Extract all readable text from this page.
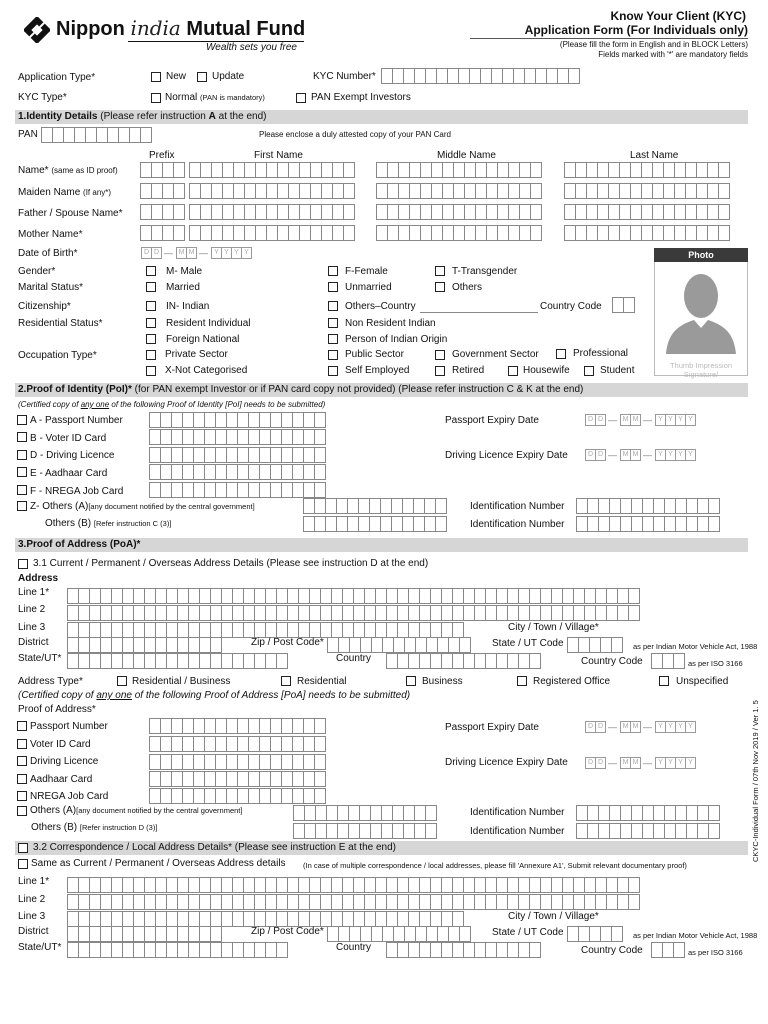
Nippon india Mutual Fund
Wealth sets you free
Know Your Client (KYC)
Application Form (For Individuals only)
(Please fill the form in English and in BLOCK Letters)
Fields marked with '*' are mandatory fields
Application Type*	New	Update	KYC Number*
KYC Type*	Normal (PAN is mandatory)	PAN Exempt Investors
1.Identity Details (Please refer instruction A at the end)
PAN	Please enclose a duly attested copy of your PAN Card
Prefix	First Name	Middle Name	Last Name
Name* (same as ID proof)
Maiden Name (If any*)
Father / Spouse Name*
Mother Name*
Date of Birth*	D D — M M — Y Y Y Y	Photo
Thumb Impression
Signature/
Gender*	M- Male	F-Female	T-Transgender
Marital Status*	Married	Unmarried	Others
Citizenship*	IN- Indian	Others–Country	Country Code
Residential Status*	Resident Individual	Non Resident Indian
Foreign National	Person of Indian Origin
Occupation Type*	Private Sector	Public Sector	Government Sector	Professional
X-Not Categorised	Self Employed	Retired	Housewife	Student
2.Proof of Identity (PoI)* (for PAN exempt Investor or if PAN card copy not provided) (Please refer instruction C & K at the end)
(Certified copy of any one of the following Proof of Identity [PoI] needs to be submitted)
A - Passport Number	Passport Expiry Date	D D — M M — Y Y Y Y
B - Voter ID Card
D - Driving Licence	Driving Licence Expiry Date	D D — M M — Y Y Y Y
E - Aadhaar Card
F - NREGA Job Card
Z- Others (A)[any document notified by the central government]	Identification Number
Others (B) [Refer instruction C (3)]	Identification Number
3.Proof of Address (PoA)*
3.1 Current / Permanent / Overseas Address Details (Please see instruction D at the end)
Address
Line 1*
Line 2
Line 3	City / Town / Village*
District	Zip / Post Code*	State / UT Code	as per Indian Motor Vehicle Act, 1988
State/UT*	Country	Country Code	as per ISO 3166
Address Type*	Residential / Business	Residential	Business	Registered Office	Unspecified
(Certified copy of any one of the following Proof of Address [PoA] needs to be submitted)
Proof of Address*
Passport Number	Passport Expiry Date	D D — M M — Y Y Y Y
Voter ID Card
Driving Licence	Driving Licence Expiry Date	D D — M M — Y Y Y Y
Aadhaar Card
NREGA Job Card
Others (A)[any document notified by the central government]	Identification Number
Others (B) [Refer instruction D (3)]	Identification Number
3.2 Correspondence / Local Address Details* (Please see instruction E at the end)
Same as Current / Permanent / Overseas Address details (In case of multiple correspondence / local addresses, please fill 'Annexure A1', Submit relevant documentary proof)
Line 1*
Line 2
Line 3	City / Town / Village*
District	Zip / Post Code*	State / UT Code	as per Indian Motor Vehicle Act, 1988
State/UT*	Country	Country Code	as per ISO 3166
CKYC-Individual Form / 07th Nov 2019 / Ver 1. 5
